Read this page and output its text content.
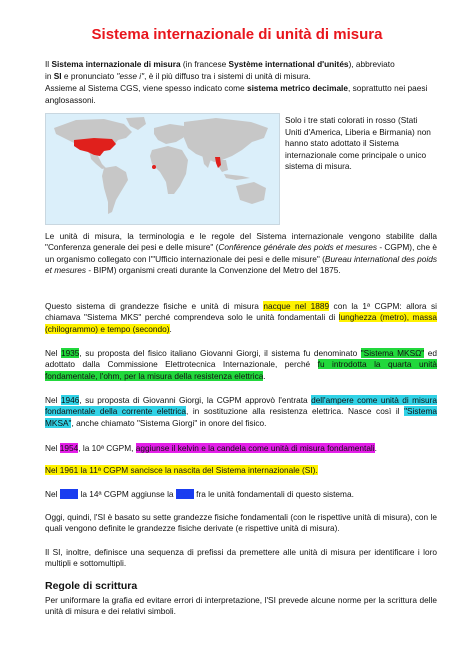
Sistema internazionale di unità di misura
Il Sistema internazionale di misura (in francese Système international d'unités), abbreviato
in SI e pronunciato "esse i", è il più diffuso tra i sistemi di unità di misura.
Assieme al Sistema CGS, viene spesso indicato come sistema metrico decimale, soprattutto nei paesi
anglosassoni.
Solo i tre stati colorati in rosso (Stati Uniti d'America, Liberia e Birmania) non hanno stato adottato il Sistema internazionale come principale o unico sistema di misura.
Le unità di misura, la terminologia e le regole del Sistema internazionale vengono stabilite dalla "Conferenza generale dei pesi e delle misure" (Conférence générale des poids et mesures - CGPM), che è un organismo collegato con l'"Ufficio internazionale dei pesi e delle misure" (Bureau international des poids et mesures - BIPM) organismi creati durante la Convenzione del Metro del 1875.
Questo sistema di grandezze fisiche e unità di misura nacque nel 1889 con la 1ª CGPM: allora si chiamava "Sistema MKS" perché comprendeva solo le unità fondamentali di lunghezza (metro), massa (chilogrammo) e tempo (secondo).
Nel 1935, su proposta del fisico italiano Giovanni Giorgi, il sistema fu denominato "Sistema MKSΩ" ed adottato dalla Commissione Elettrotecnica Internazionale, perché fu introdotta la quarta unità fondamentale, l'ohm, per la misura della resistenza elettrica.
Nel 1946, su proposta di Giovanni Giorgi, la CGPM approvò l'entrata dell'ampere come unità di misura fondamentale della corrente elettrica, in sostituzione alla resistenza elettrica. Nasce così il "Sistema MKSA", anche chiamato "Sistema Giorgi" in onore del fisico.
Nel 1954, la 10ª CGPM, aggiunse il kelvin e la candela come unità di misura fondamentali.
Nel 1961 la 11ª CGPM sancisce la nascita del Sistema internazionale (SI).
Nel 1971 la 14ª CGPM aggiunse la mole fra le unità fondamentali di questo sistema.
Oggi, quindi, l'SI è basato su sette grandezze fisiche fondamentali (con le rispettive unità di misura), con le quali vengono definite le grandezze fisiche derivate (e rispettive unità di misura).
Il SI, inoltre, definisce una sequenza di prefissi da premettere alle unità di misura per identificare i loro multipli e sottomultipli.
Regole di scrittura
Per uniformare la grafia ed evitare errori di interpretazione, l'SI prevede alcune norme per la scrittura delle unità di misura e dei relativi simboli.
